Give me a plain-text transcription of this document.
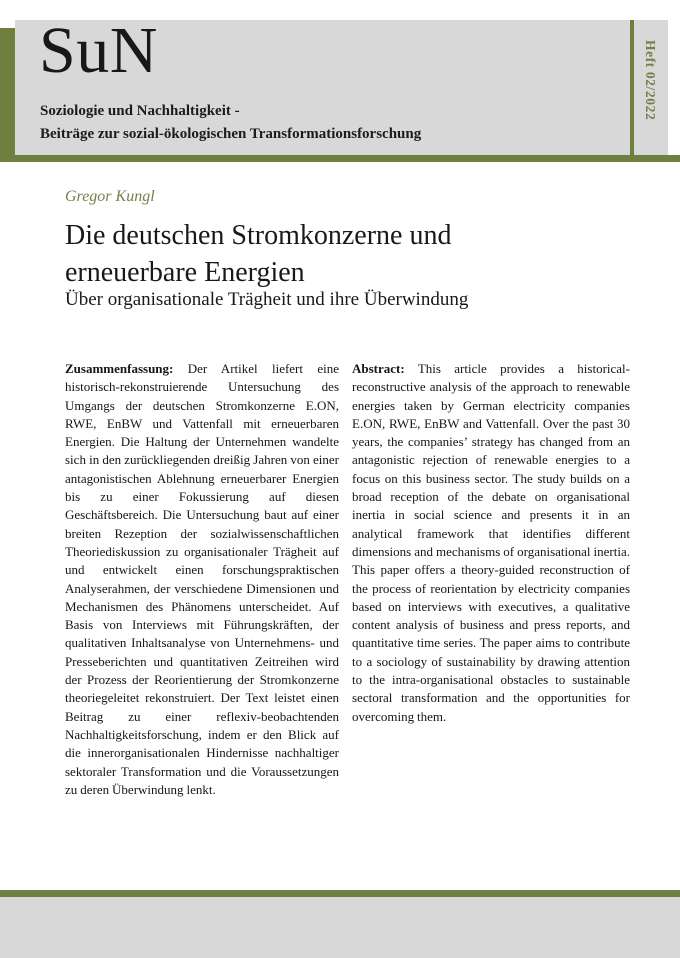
SuN
Soziologie und Nachhaltigkeit -
Beiträge zur sozial-ökologischen Transformationsforschung
Heft 02/2022
Gregor Kungl
Die deutschen Stromkonzerne und
erneuerbare Energien
Über organisationale Trägheit und ihre Überwindung

Zusammenfassung: Der Artikel liefert eine historisch-rekonstruierende Untersuchung des Umgangs der deutschen Stromkonzerne E.ON, RWE, EnBW und Vattenfall mit erneuerbaren Energien. Die Haltung der Unternehmen wandelte sich in den zurückliegenden dreißig Jahren von einer antagonistischen Ablehnung erneuerbarer Energien bis zu einer Fokussierung auf diesen Geschäftsbereich. Die Untersuchung baut auf einer breiten Rezeption der sozialwissenschaftlichen Theoriediskussion zu organisationaler Trägheit auf und entwickelt einen forschungspraktischen Analyserahmen, der verschiedene Dimensionen und Mechanismen des Phänomens unterscheidet. Auf Basis von Interviews mit Führungskräften, der qualitativen Inhaltsanalyse von Unternehmens- und Presseberichten und quantitativen Zeitreihen wird der Prozess der Reorientierung der Stromkonzerne theoriegeleitet rekonstruiert. Der Text leistet einen Beitrag zu einer reflexiv-beobachtenden Nachhaltigkeitsforschung, indem er den Blick auf die innerorganisationalen Hindernisse nachhaltiger sektoraler Transformation und die Voraussetzungen zu deren Überwindung lenkt.

Abstract: This article provides a historical-reconstructive analysis of the approach to renewable energies taken by German electricity companies E.ON, RWE, EnBW and Vattenfall. Over the past 30 years, the companies’ strategy has changed from an antagonistic rejection of renewable energies to a focus on this business sector. The study builds on a broad reception of the debate on organisational inertia in social science and presents it in an analytical framework that identifies different dimensions and mechanisms of organisational inertia. This paper offers a theory-guided reconstruction of the process of reorientation by electricity companies based on interviews with executives, a qualitative content analysis of business and press reports, and quantitative time series. The paper aims to contribute to a sociology of sustainability by drawing attention to the intra-organisational obstacles to sustainable sectoral transformation and the opportunities for overcoming them.
